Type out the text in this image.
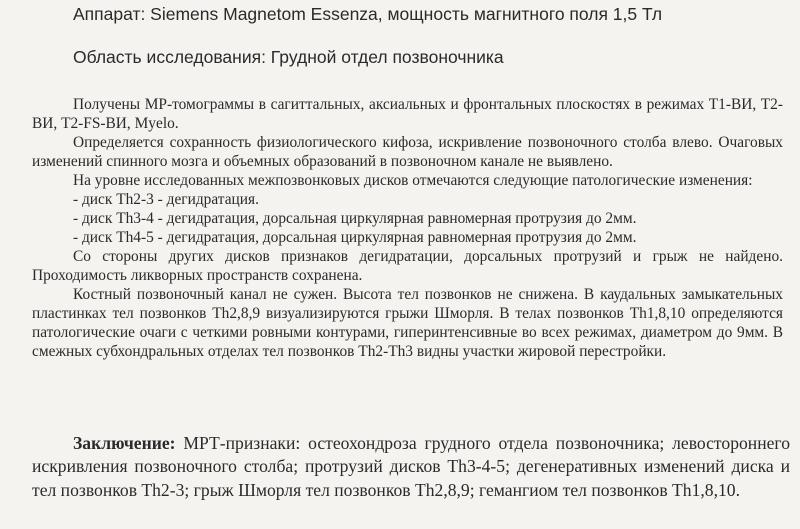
Аппарат: Siemens Magnetom Essenza, мощность магнитного поля 1,5 Тл

Область исследования: Грудной отдел позвоночника

Получены МР-томограммы в сагиттальных, аксиальных и фронтальных плоскостях в режимах Т1-ВИ, Т2-ВИ, T2-FS-ВИ, Myelo.

Определяется сохранность физиологического кифоза, искривление позвоночного столба влево. Очаговых изменений спинного мозга и объемных образований в позвоночном канале не выявлено.

На уровне исследованных межпозвонковых дисков отмечаются следующие патологические изменения:

- диск Th2-3 - дегидратация.

- диск Th3-4 - дегидратация, дорсальная циркулярная равномерная протрузия до 2мм.

- диск Th4-5 - дегидратация, дорсальная циркулярная равномерная протрузия до 2мм.

Со стороны других дисков признаков дегидратации, дорсальных протрузий и грыж не найдено. Проходимость ликворных пространств сохранена.

Костный позвоночный канал не сужен. Высота тел позвонков не снижена. В каудальных замыкательных пластинках тел позвонков Th2,8,9 визуализируются грыжи Шморля. В телах позвонков Th1,8,10 определяются патологические очаги с четкими ровными контурами, гиперинтенсивные во всех режимах, диаметром до 9мм. В смежных субхондральных отделах тел позвонков Th2-Th3 видны участки жировой перестройки.

Заключение: МРТ-признаки: остеохондроза грудного отдела позвоночника; левостороннего искривления позвоночного столба; протрузий дисков Th3-4-5; дегенеративных изменений диска и тел позвонков Th2-3; грыж Шморля тел позвонков Th2,8,9; гемангиом тел позвонков Th1,8,10.
